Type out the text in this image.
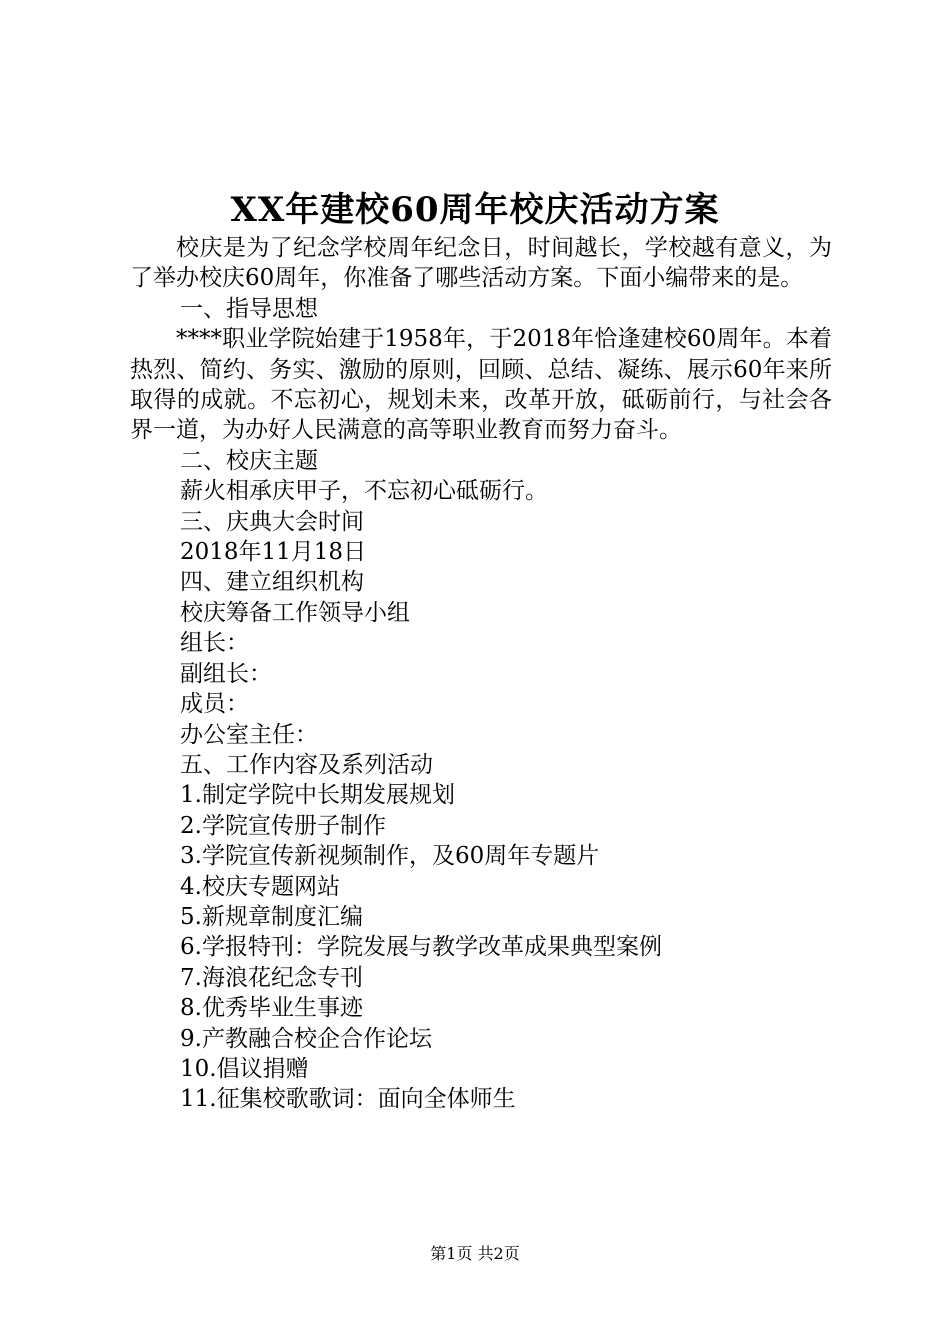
XX年建校60周年校庆活动方案

校庆是为了纪念学校周年纪念日，时间越长，学校越有意义，为了举办校庆60周年，你准备了哪些活动方案。下面小编带来的是。

一、指导思想

****职业学院始建于1958年，于2018年恰逢建校60周年。本着热烈、简约、务实、激励的原则，回顾、总结、凝练、展示60年来所取得的成就。不忘初心，规划未来，改革开放，砥砺前行，与社会各界一道，为办好人民满意的高等职业教育而努力奋斗。

二、校庆主题

薪火相承庆甲子，不忘初心砥砺行。

三、庆典大会时间

2018年11月18日

四、建立组织机构

校庆筹备工作领导小组

组长：

副组长：

成员：

办公室主任：

五、工作内容及系列活动

1.制定学院中长期发展规划

2.学院宣传册子制作

3.学院宣传新视频制作，及60周年专题片

4.校庆专题网站

5.新规章制度汇编

6.学报特刊：学院发展与教学改革成果典型案例

7.海浪花纪念专刊

8.优秀毕业生事迹

9.产教融合校企合作论坛

10.倡议捐赠

11.征集校歌歌词：面向全体师生

第1页 共2页
